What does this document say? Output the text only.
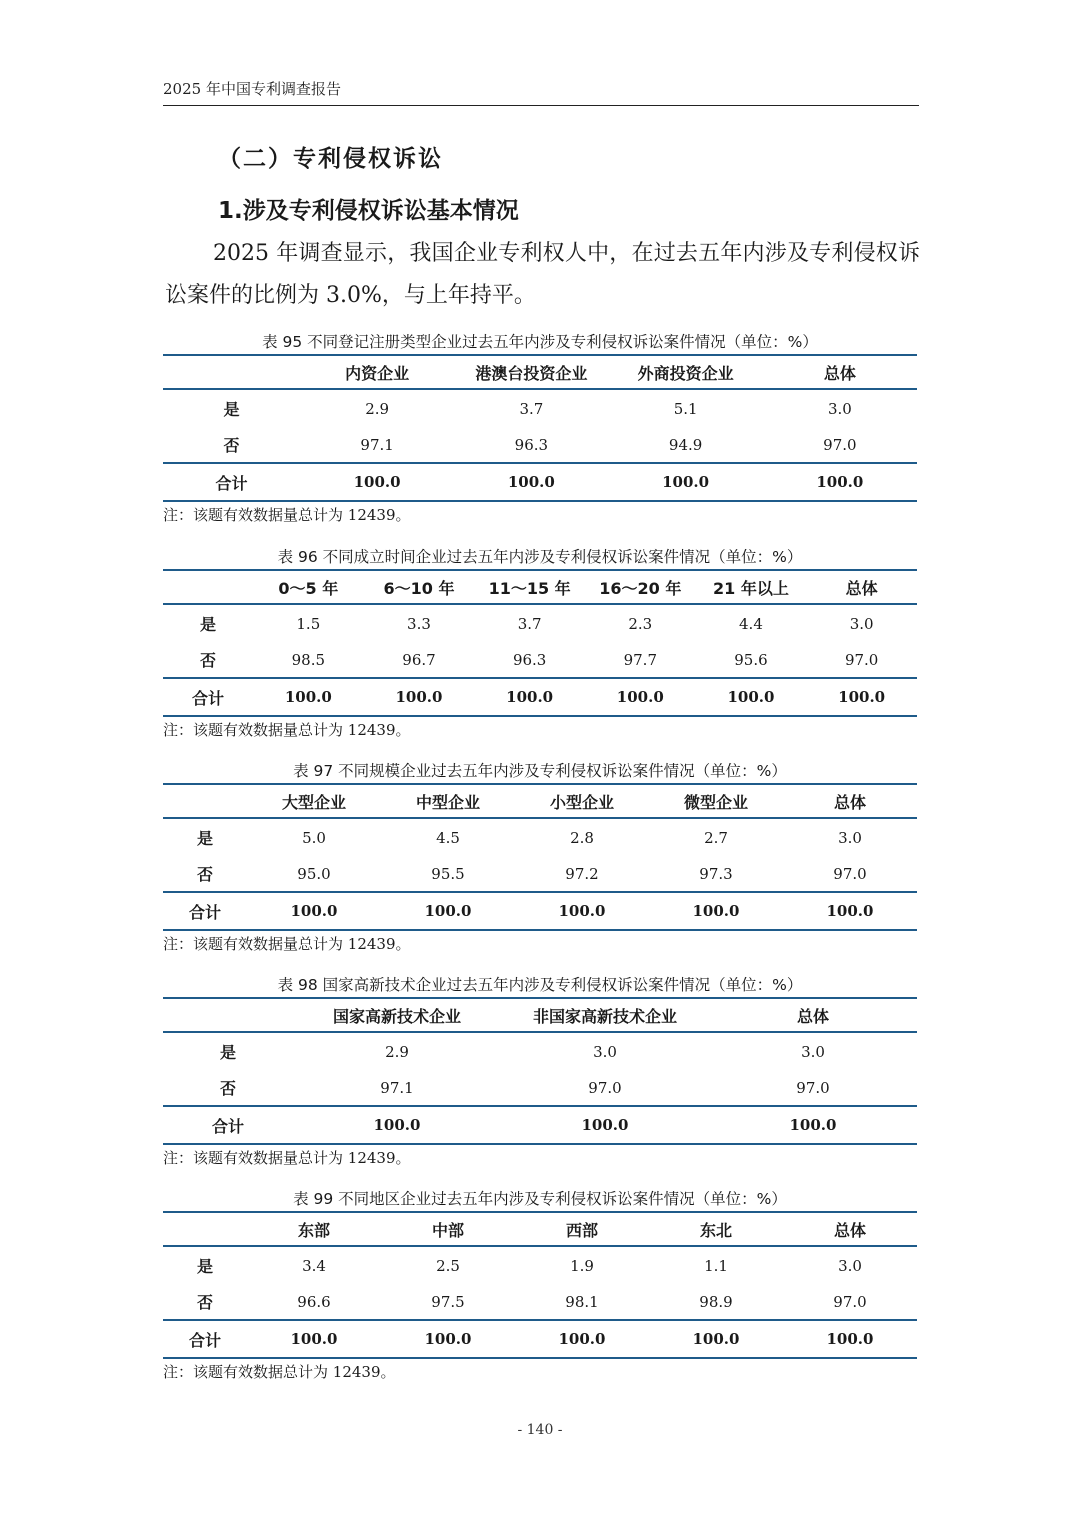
2025 年中国专利调查报告
（二）专利侵权诉讼
1.涉及专利侵权诉讼基本情况
2025 年调查显示，我国企业专利权人中，在过去五年内涉及专利侵权诉讼案件的比例为 3.0%，与上年持平。
表 95 不同登记注册类型企业过去五年内涉及专利侵权诉讼案件情况（单位：%）
	内资企业	港澳台投资企业	外商投资企业	总体
是	2.9	3.7	5.1	3.0
否	97.1	96.3	94.9	97.0
合计	100.0	100.0	100.0	100.0
注：该题有效数据量总计为 12439。
表 96 不同成立时间企业过去五年内涉及专利侵权诉讼案件情况（单位：%）
	0～5 年	6～10 年	11～15 年	16～20 年	21 年以上	总体
是	1.5	3.3	3.7	2.3	4.4	3.0
否	98.5	96.7	96.3	97.7	95.6	97.0
合计	100.0	100.0	100.0	100.0	100.0	100.0
注：该题有效数据量总计为 12439。
表 97 不同规模企业过去五年内涉及专利侵权诉讼案件情况（单位：%）
	大型企业	中型企业	小型企业	微型企业	总体
是	5.0	4.5	2.8	2.7	3.0
否	95.0	95.5	97.2	97.3	97.0
合计	100.0	100.0	100.0	100.0	100.0
注：该题有效数据量总计为 12439。
表 98 国家高新技术企业过去五年内涉及专利侵权诉讼案件情况（单位：%）
	国家高新技术企业	非国家高新技术企业	总体
是	2.9	3.0	3.0
否	97.1	97.0	97.0
合计	100.0	100.0	100.0
注：该题有效数据量总计为 12439。
表 99 不同地区企业过去五年内涉及专利侵权诉讼案件情况（单位：%）
	东部	中部	西部	东北	总体
是	3.4	2.5	1.9	1.1	3.0
否	96.6	97.5	98.1	98.9	97.0
合计	100.0	100.0	100.0	100.0	100.0
注：该题有效数据总计为 12439。
- 140 -
